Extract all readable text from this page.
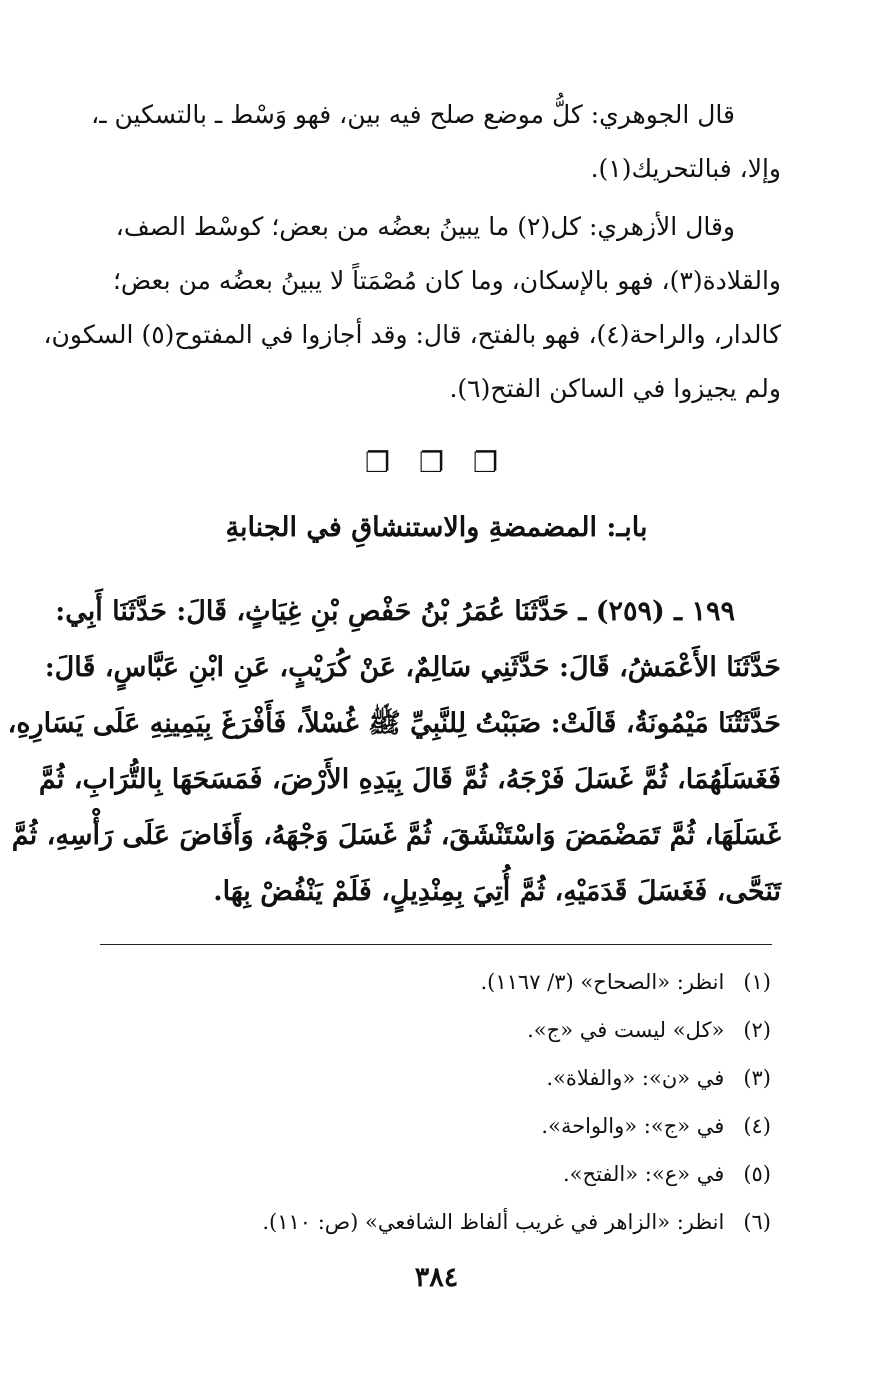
قال الجوهري: كلُّ موضع صلح فيه بين، فهو وَسْط ـ بالتسكين ـ،
وإلا، فبالتحريك(١).
وقال الأزهري: كل(٢) ما يبينُ بعضُه من بعض؛ كوسْط الصف،
والقلادة(٣)، فهو بالإسكان، وما كان مُصْمَتاً لا يبينُ بعضُه من بعض؛
كالدار، والراحة(٤)، فهو بالفتح، قال: وقد أجازوا في المفتوح(٥) السكون،
ولم يجيزوا في الساكن الفتح(٦).
❐ ❐ ❐
بابـ: المضمضةِ والاستنشاقِ في الجنابةِ
١٩٩ ـ (٢٥٩) ـ حَدَّثَنَا عُمَرُ بْنُ حَفْصِ بْنِ غِيَاثٍ، قَالَ: حَدَّثَنَا أَبِي:
حَدَّثَنَا الأَعْمَشُ، قَالَ: حَدَّثَنِي سَالِمٌ، عَنْ كُرَيْبٍ، عَنِ ابْنِ عَبَّاسٍ، قَالَ:
حَدَّثَتْنَا مَيْمُونَةُ، قَالَتْ: صَبَبْتُ لِلنَّبِيِّ ﷺ غُسْلاً، فَأَفْرَغَ بِيَمِينِهِ عَلَى يَسَارِهِ،
فَغَسَلَهُمَا، ثُمَّ غَسَلَ فَرْجَهُ، ثُمَّ قَالَ بِيَدِهِ الأَرْضَ، فَمَسَحَهَا بِالتُّرَابِ، ثُمَّ
غَسَلَهَا، ثُمَّ تَمَضْمَضَ وَاسْتَنْشَقَ، ثُمَّ غَسَلَ وَجْهَهُ، وَأَفَاضَ عَلَى رَأْسِهِ، ثُمَّ
تَنَحَّى، فَغَسَلَ قَدَمَيْهِ، ثُمَّ أُتِيَ بِمِنْدِيلٍ، فَلَمْ يَنْفُضْ بِهَا.
(١) انظر: «الصحاح» (٣/ ١١٦٧).
(٢) «كل» ليست في «ج».
(٣) في «ن»: «والفلاة».
(٤) في «ج»: «والواحة».
(٥) في «ع»: «الفتح».
(٦) انظر: «الزاهر في غريب ألفاظ الشافعي» (ص: ١١٠).
٣٨٤
